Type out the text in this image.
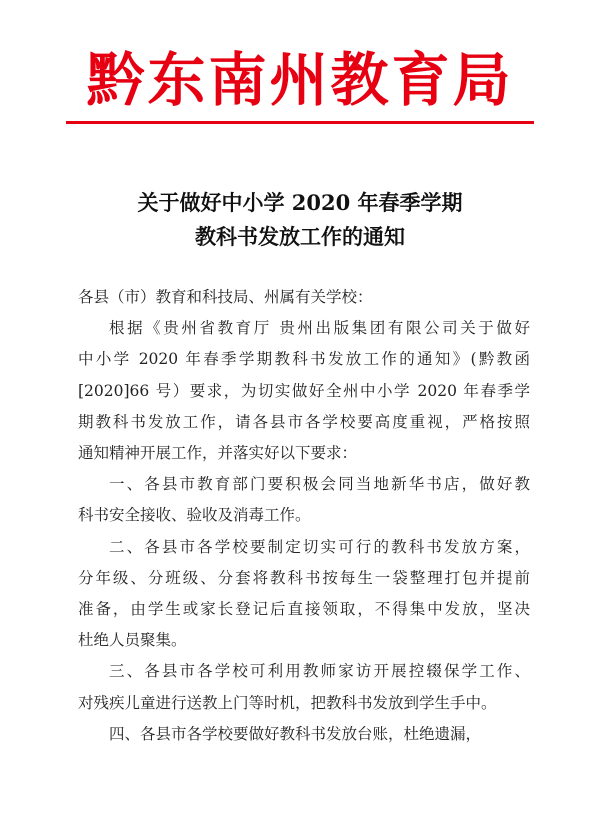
黔东南州教育局
关于做好中小学 2020 年春季学期
教科书发放工作的通知
各县（市）教育和科技局、州属有关学校：
根据《贵州省教育厅 贵州出版集团有限公司关于做好
中小学 2020 年春季学期教科书发放工作的通知》(黔教函
[2020]66 号）要求，为切实做好全州中小学 2020 年春季学
期教科书发放工作，请各县市各学校要高度重视，严格按照
通知精神开展工作，并落实好以下要求：
一、各县市教育部门要积极会同当地新华书店，做好教
科书安全接收、验收及消毒工作。
二、各县市各学校要制定切实可行的教科书发放方案，
分年级、分班级、分套将教科书按每生一袋整理打包并提前
准备，由学生或家长登记后直接领取，不得集中发放，坚决
杜绝人员聚集。
三、各县市各学校可利用教师家访开展控辍保学工作、
对残疾儿童进行送教上门等时机，把教科书发放到学生手中。
四、各县市各学校要做好教科书发放台账，杜绝遗漏，
